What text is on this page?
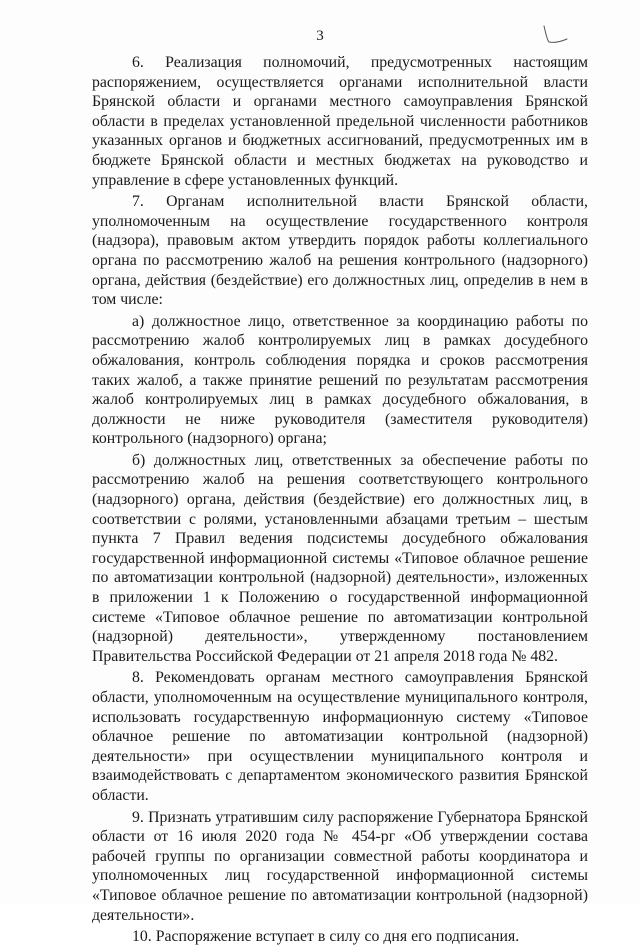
3

6. Реализация полномочий, предусмотренных настоящим распоряжением, осуществляется органами исполнительной власти Брянской области и органами местного самоуправления Брянской области в пределах установленной предельной численности работников указанных органов и бюджетных ассигнований, предусмотренных им в бюджете Брянской области и местных бюджетах на руководство и управление в сфере установленных функций.

7. Органам исполнительной власти Брянской области, уполномоченным на осуществление государственного контроля (надзора), правовым актом утвердить порядок работы коллегиального органа по рассмотрению жалоб на решения контрольного (надзорного) органа, действия (бездействие) его должностных лиц, определив в нем в том числе:

а) должностное лицо, ответственное за координацию работы по рассмотрению жалоб контролируемых лиц в рамках досудебного обжалования, контроль соблюдения порядка и сроков рассмотрения таких жалоб, а также принятие решений по результатам рассмотрения жалоб контролируемых лиц в рамках досудебного обжалования, в должности не ниже руководителя (заместителя руководителя) контрольного (надзорного) органа;

б) должностных лиц, ответственных за обеспечение работы по рассмотрению жалоб на решения соответствующего контрольного (надзорного) органа, действия (бездействие) его должностных лиц, в соответствии с ролями, установленными абзацами третьим – шестым пункта 7 Правил ведения подсистемы досудебного обжалования государственной информационной системы «Типовое облачное решение по автоматизации контрольной (надзорной) деятельности», изложенных в приложении 1 к Положению о государственной информационной системе «Типовое облачное решение по автоматизации контрольной (надзорной) деятельности», утвержденному постановлением Правительства Российской Федерации от 21 апреля 2018 года № 482.

8. Рекомендовать органам местного самоуправления Брянской области, уполномоченным на осуществление муниципального контроля, использовать государственную информационную систему «Типовое облачное решение по автоматизации контрольной (надзорной) деятельности» при осуществлении муниципального контроля и взаимодействовать с департаментом экономического развития Брянской области.

9. Признать утратившим силу распоряжение Губернатора Брянской области от 16 июля 2020 года № 454-рг «Об утверждении состава рабочей группы по организации совместной работы координатора и уполномоченных лиц государственной информационной системы «Типовое облачное решение по автоматизации контрольной (надзорной) деятельности».

10. Распоряжение вступает в силу со дня его подписания.
